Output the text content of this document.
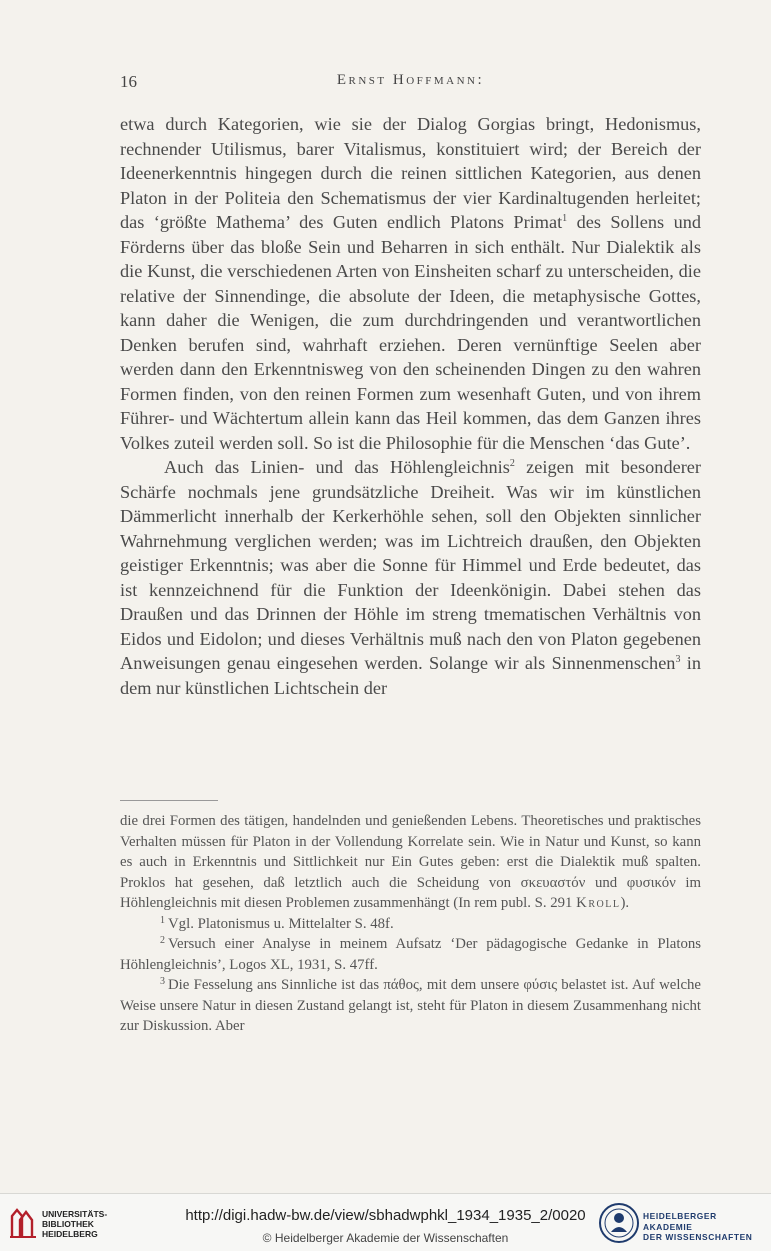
16	Ernst Hoffmann:

etwa durch Kategorien, wie sie der Dialog Gorgias bringt, Hedonismus, rechnender Utilismus, barer Vitalismus, konstituiert wird; der Bereich der Ideenerkenntnis hingegen durch die reinen sittlichen Kategorien, aus denen Platon in der Politeia den Schematismus der vier Kardinaltugenden herleitet; das ‘größte Mathema’ des Guten endlich Platons Primat$^1$ des Sollens und Förderns über das bloße Sein und Beharren in sich enthält. Nur Dialektik als die Kunst, die verschiedenen Arten von Einsheiten scharf zu unterscheiden, die relative der Sinnendinge, die absolute der Ideen, die metaphysische Gottes, kann daher die Wenigen, die zum durchdringenden und verantwortlichen Denken berufen sind, wahrhaft erziehen. Deren vernünftige Seelen aber werden dann den Erkenntnisweg von den scheinenden Dingen zu den wahren Formen finden, von den reinen Formen zum wesenhaft Guten, und von ihrem Führer- und Wächtertum allein kann das Heil kommen, das dem Ganzen ihres Volkes zuteil werden soll. So ist die Philosophie für die Menschen ‘das Gute’.

Auch das Linien- und das Höhlengleichnis$^2$ zeigen mit besonderer Schärfe nochmals jene grundsätzliche Dreiheit. Was wir im künstlichen Dämmerlicht innerhalb der Kerkerhöhle sehen, soll den Objekten sinnlicher Wahrnehmung verglichen werden; was im Lichtreich draußen, den Objekten geistiger Erkenntnis; was aber die Sonne für Himmel und Erde bedeutet, das ist kennzeichnend für die Funktion der Ideenkönigin. Dabei stehen das Draußen und das Drinnen der Höhle im streng tmematischen Verhältnis von Eidos und Eidolon; und dieses Verhältnis muß nach den von Platon gegebenen Anweisungen genau eingesehen werden. Solange wir als Sinnenmenschen$^3$ in dem nur künstlichen Lichtschein der

die drei Formen des tätigen, handelnden und genießenden Lebens. Theoretisches und praktisches Verhalten müssen für Platon in der Vollendung Korrelate sein. Wie in Natur und Kunst, so kann es auch in Erkenntnis und Sittlichkeit nur Ein Gutes geben: erst die Dialektik muß spalten. Proklos hat gesehen, daß letztlich auch die Scheidung von σκευαστόν und φυσικόν im Höhlengleichnis mit diesen Problemen zusammenhängt (In rem publ. S. 291 Kroll).

$^1$ Vgl. Platonismus u. Mittelalter S. 48f.

$^2$ Versuch einer Analyse in meinem Aufsatz ‘Der pädagogische Gedanke in Platons Höhlengleichnis’, Logos XL, 1931, S. 47ff.

$^3$ Die Fesselung ans Sinnliche ist das πάθος, mit dem unsere φύσις belastet ist. Auf welche Weise unsere Natur in diesen Zustand gelangt ist, steht für Platon in diesem Zusammenhang nicht zur Diskussion. Aber

UNIVERSITÄTS-
BIBLIOTHEK
HEIDELBERG
http://digi.hadw-bw.de/view/sbhadwphkl_1934_1935_2/0020
© Heidelberger Akademie der Wissenschaften
HEIDELBERGER AKADEMIE
DER WISSENSCHAFTEN
